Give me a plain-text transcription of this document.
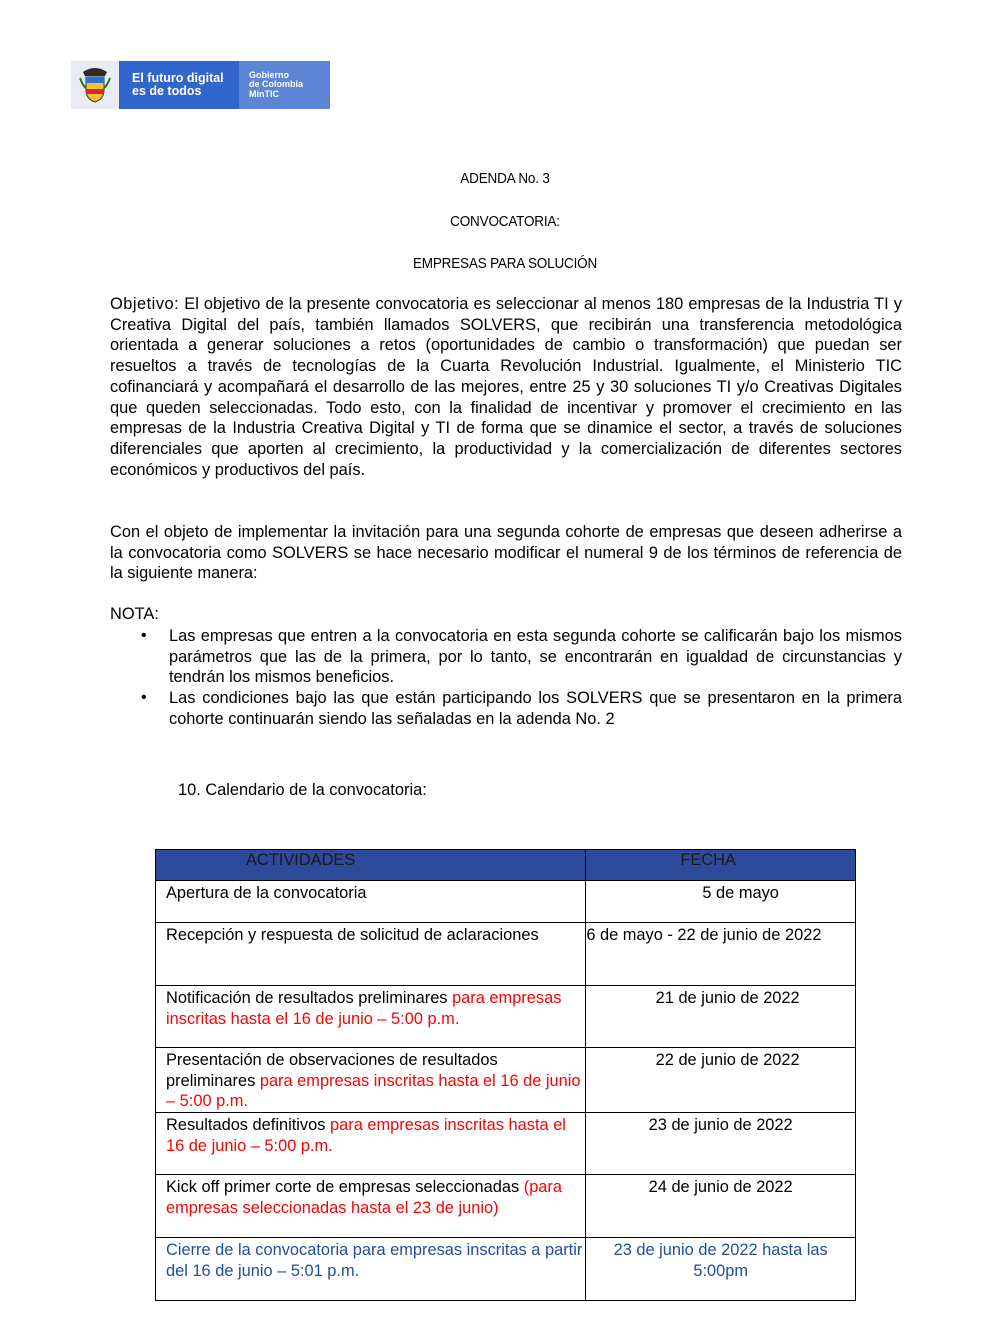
El futuro digital
es de todos
Gobierno
de Colombia
MinTIC
ADENDA No. 3
CONVOCATORIA:
EMPRESAS PARA SOLUCIÓN
Objetivo: El objetivo de la presente convocatoria es seleccionar al menos 180 empresas de la Industria TI y Creativa Digital del país, también llamados SOLVERS, que recibirán una transferencia metodológica orientada a generar soluciones a retos (oportunidades de cambio o transformación) que puedan ser resueltos a través de tecnologías de la Cuarta Revolución Industrial. Igualmente, el Ministerio TIC cofinanciará y acompañará el desarrollo de las mejores, entre 25 y 30 soluciones TI y/o Creativas Digitales que queden seleccionadas. Todo esto, con la finalidad de incentivar y promover el crecimiento en las empresas de la Industria Creativa Digital y TI de forma que se dinamice el sector, a través de soluciones diferenciales que aporten al crecimiento, la productividad y la comercialización de diferentes sectores económicos y productivos del país.
Con el objeto de implementar la invitación para una segunda cohorte de empresas que deseen adherirse a la convocatoria como SOLVERS se hace necesario modificar el numeral 9 de los términos de referencia de la siguiente manera:
NOTA:
• Las empresas que entren a la convocatoria en esta segunda cohorte se calificarán bajo los mismos parámetros que las de la primera, por lo tanto, se encontrarán en igualdad de circunstancias y tendrán los mismos beneficios.
• Las condiciones bajo las que están participando los SOLVERS que se presentaron en la primera cohorte continuarán siendo las señaladas en la adenda No. 2
10. Calendario de la convocatoria:
ACTIVIDADES	FECHA
Apertura de la convocatoria	5 de mayo
Recepción y respuesta de solicitud de aclaraciones	6 de mayo - 22 de junio de 2022
Notificación de resultados preliminares para empresas inscritas hasta el 16 de junio – 5:00 p.m.	21 de junio de 2022
Presentación de observaciones de resultados preliminares para empresas inscritas hasta el 16 de junio – 5:00 p.m.	22 de junio de 2022
Resultados definitivos para empresas inscritas hasta el 16 de junio – 5:00 p.m.	23 de junio de 2022
Kick off primer corte de empresas seleccionadas (para empresas seleccionadas hasta el 23 de junio)	24 de junio de 2022
Cierre de la convocatoria para empresas inscritas a partir del 16 de junio – 5:01 p.m.	23 de junio de 2022 hasta las 5:00pm
